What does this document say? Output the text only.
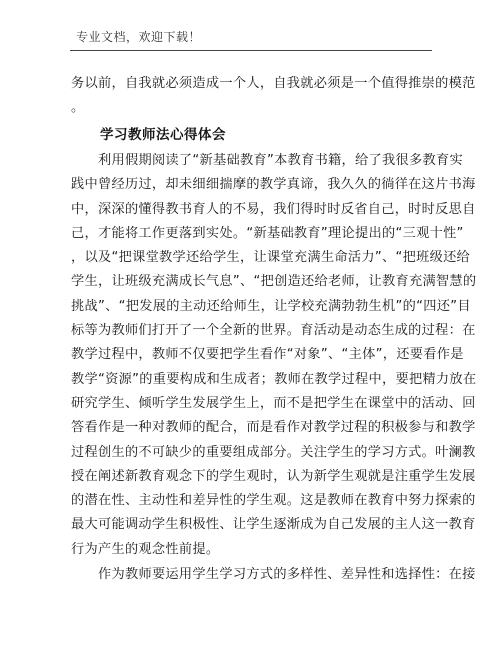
专业文档，欢迎下载！
务以前，自我就必须造成一个人，自我就必须是一个值得推崇的模范
。
学习教师法心得体会
利用假期阅读了“新基础教育”本教育书籍，给了我很多教育实
践中曾经历过，却未细细揣摩的教学真谛，我久久的徜徉在这片书海
中，深深的懂得教书育人的不易，我们得时时反省自己，时时反思自
己，才能将工作更落到实处。“新基础教育”理论提出的“三观十性”
，以及“把课堂教学还给学生，让课堂充满生命活力”、“把班级还给
学生，让班级充满成长气息”、“把创造还给老师，让教育充满智慧的
挑战”、“把发展的主动还给师生，让学校充满勃勃生机”的“四还”目
标等为教师们打开了一个全新的世界。育活动是动态生成的过程：在
教学过程中，教师不仅要把学生看作“对象”、“主体”，还要看作是
教学“资源”的重要构成和生成者；教师在教学过程中，要把精力放在
研究学生、倾听学生发展学生上，而不是把学生在课堂中的活动、回
答看作是一种对教师的配合，而是看作对教学过程的积极参与和教学
过程创生的不可缺少的重要组成部分。关注学生的学习方式。叶澜教
授在阐述新教育观念下的学生观时，认为新学生观就是注重学生发展
的潜在性、主动性和差异性的学生观。这是教师在教育中努力探索的
最大可能调动学生积极性、让学生逐渐成为自己发展的主人这一教育
行为产生的观念性前提。
作为教师要运用学生学习方式的多样性、差异性和选择性：在接
